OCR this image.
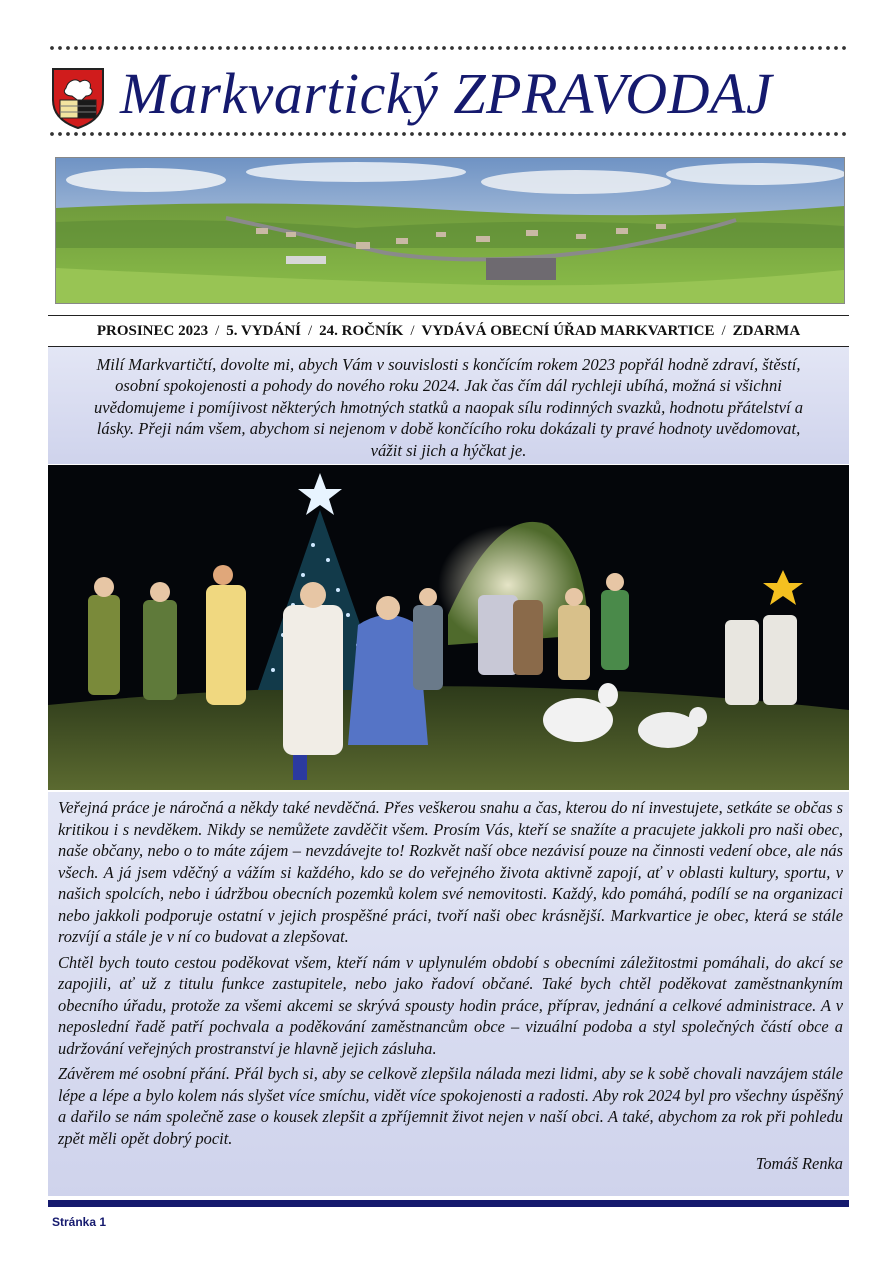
Markvartický ZPRAVODAJ
PROSINEC 2023 / 5. VYDÁNÍ / 24. ROČNÍK / VYDÁVÁ OBECNÍ ÚŘAD MARKVARTICE / ZDARMA
Milí Markvartičtí, dovolte mi, abych Vám v souvislosti s končícím rokem 2023 popřál hodně zdraví, štěstí, osobní spokojenosti a pohody do nového roku 2024. Jak čas čím dál rychleji ubíhá, možná si všichni uvědomujeme i pomíjivost některých hmotných statků a naopak sílu rodinných svazků, hodnotu přátelství a lásky. Přeji nám všem, abychom si nejenom v době končícího roku dokázali ty pravé hodnoty uvědomovat, vážit si jich a hýčkat je.

Veřejná práce je náročná a někdy také nevděčná. Přes veškerou snahu a čas, kterou do ní investujete, setkáte se občas s kritikou i s nevděkem. Nikdy se nemůžete zavděčit všem. Prosím Vás, kteří se snažíte a pracujete jakkoli pro naši obec, naše občany, nebo o to máte zájem – nevzdávejte to! Rozkvět naší obce nezávisí pouze na činnosti vedení obce, ale nás všech. A já jsem vděčný a vážím si každého, kdo se do veřejného života aktivně zapojí, ať v oblasti kultury, sportu, v našich spolcích, nebo i údržbou obecních pozemků kolem své nemovitosti. Každý, kdo pomáhá, podílí se na organizaci nebo jakkoli podporuje ostatní v jejich prospěšné práci, tvoří naši obec krásnější. Markvartice je obec, která se stále rozvíjí a stále je v ní co budovat a zlepšovat.

Chtěl bych touto cestou poděkovat všem, kteří nám v uplynulém období s obecními záležitostmi pomáhali, do akcí se zapojili, ať už z titulu funkce zastupitele, nebo jako řadoví občané. Také bych chtěl poděkovat zaměstnankyním obecního úřadu, protože za všemi akcemi se skrývá spousty hodin práce, příprav, jednání a celkové administrace. A v neposlední řadě patří pochvala a poděkování zaměstnancům obce – vizuální podoba a styl společných částí obce a udržování veřejných prostranství je hlavně jejich zásluha.

Závěrem mé osobní přání. Přál bych si, aby se celkově zlepšila nálada mezi lidmi, aby se k sobě chovali navzájem stále lépe a lépe a bylo kolem nás slyšet více smíchu, vidět více spokojenosti a radosti. Aby rok 2024 byl pro všechny úspěšný a dařilo se nám společně zase o kousek zlepšit a zpříjemnit život nejen v naší obci. A také, abychom za rok při pohledu zpět měli opět dobrý pocit.

Tomáš Renka
Stránka 1
